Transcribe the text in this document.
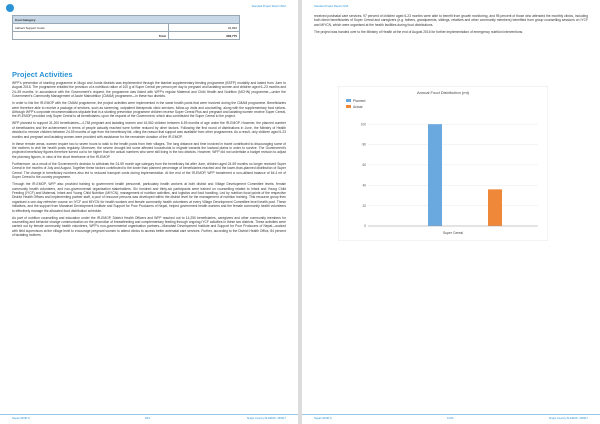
Standard Project Report 2016
Cost Category	
Indirect Support Costs	22,840
Total	308,775
Project Activities

WFP's prevention of stunting programme in Mugu and Jumla districts was implemented through the blanket supplementary feeding programme (BSFP) modality and lasted from June to August 2016. The programme entailed the provision of a nutritious ration of 100 g of Super Cereal per person per day to pregnant and lactating women and children aged 6–23 months and 24–59 months. In accordance with the Government's request, the programme was linked with WFP's regular Maternal and Child Health and Nutrition (MCHN) programme—under the Government's Community Management of Acute Malnutrition (CMAM) programme—in these two districts.

In order to link the IR-EMOP with the CMAM programme, the project activities were implemented in the same health posts that were involved during the CMAM programme. Beneficiaries were therefore able to receive a package of services, such as screening, outpatient therapeutic clinic services, follow-up visits and counselling, along with the supplementary food rations. Although WFP's corporate recommendations stipulate that in a stunting prevention programme children receive Super Cereal Plus and pregnant and lactating women receive Super Cereal, the IR-EMOP provided only Super Cereal to all beneficiaries, upon the request of the Government, which also contributed the Super Cereal to the project.

WFP planned to support 31,200 beneficiaries—4,738 pregnant and lactating women and 16,562 children between 6-59 months of age under the IR-EMOP. However, the planned number of beneficiaries and the achievement in terms of people actually reached were further reduced by other factors. Following the first round of distributions in June, the Ministry of Health decided to remove children between 24-59 months of age from the beneficiary list, citing the reason that support was available from other programmes. As a result, only children aged 6-23 months and pregnant and lactating women were provided with assistance for the remainder duration of the IR-EMOP.

In these remote areas, women require two to seven hours to walk to the health posts from their villages. The long distance and time involved in travel contributed to discouraging some of the mothers to visit the health posts regularly. Moreover, the severe drought led some affected households to migrate towards the lowland plains in order to survive. The Government's projected beneficiary figures therefore turned out to be higher than the actual numbers who were still living in the two districts. However, WFP did not undertake a budget revision to adjust the planning figures, in view of the short timeframe of the IR-EMOP.

Furthermore, as a result of the Government's decision to withdraw the 24-59 month age category from the beneficiary list after June, children aged 24-59 months no longer received Super Cereal in the months of July and August. Together these factors contributed to the lower than planned percentage of beneficiaries reached and the lower-than-planned distribution of Super Cereal. The change in beneficiary numbers also led to reduced transport costs during implementation. At the end of the IR-EMOP, WFP transferred a non-utilised balance of 64.4 mt of Super Cereal to the country programme.

Through the IR-EMOP, WFP also provided training to government health personnel, particularly health workers at both district and Village Development Committee levels, female community health volunteers, and non-governmental organisation stakeholders. Six hundred and thirty-six participants were trained on counselling related to Infant and Young Child Feeding (IYCF) and Maternal, Infant and Young Child Nutrition (MIYCN), management of nutrition activities, and logistics and food handling. Led by nutrition focal points of the respective District Health Offices and implementing partner staff, a pool of resource persons was developed within the district level for the management of nutrition training. This resource group then organised a one-day refresher course on IYCF and MIYCN for health workers and female community health volunteers at every Village Development Committee level health post. These initiatives, and the support from Manahari Development Institute and Support for Poor Producers of Nepal, helped government health workers and the female community health volunteers to effectively manage the allocated food distribution schedule.

As part of nutrition counselling and education under the IR-EMOP, District Health Officers and WFP reached out to 14,250 beneficiaries, caregivers and other community members for counselling and behavior change communication on the promotion of breastfeeding and complementary feeding through ongoing IYCF activities in these two districts. These activities were carried out by female community health volunteers, WFP's non-governmental organisation partners—Manahari Development Institute and Support for Poor Producers of Nepal—worked with field supervisors at the village level to encourage pregnant women to attend clinics to access better antenatal care services. Further, according to the District Health Office, 84 percent of lactating mothers

Nepal (200917)	9/16	Single Country IR-EMOP- 200917
Standard Project Report 2016

received postnatal care services, 97 percent of children aged 6-23 months were able to benefit from growth monitoring, and 95 percent of those who attended the monthly clinics, including both direct beneficiaries of Super Cereal and caregivers (e.g. fathers, grandparents, siblings, relatives and other community members) benefited from group counselling sessions on IYCF and MIYCN, which were organised at the health facilities during food distributions.

The project was handed over to the Ministry of Health at the end of August 2016 for further implementation of emergency nutrition interventions.

Annual Food Distribution (mt)
Planned
Actual
0
20
40
60
80
100
Super Cereal
Nepal (200917)	10/16	Single Country IR-EMOP- 200917
